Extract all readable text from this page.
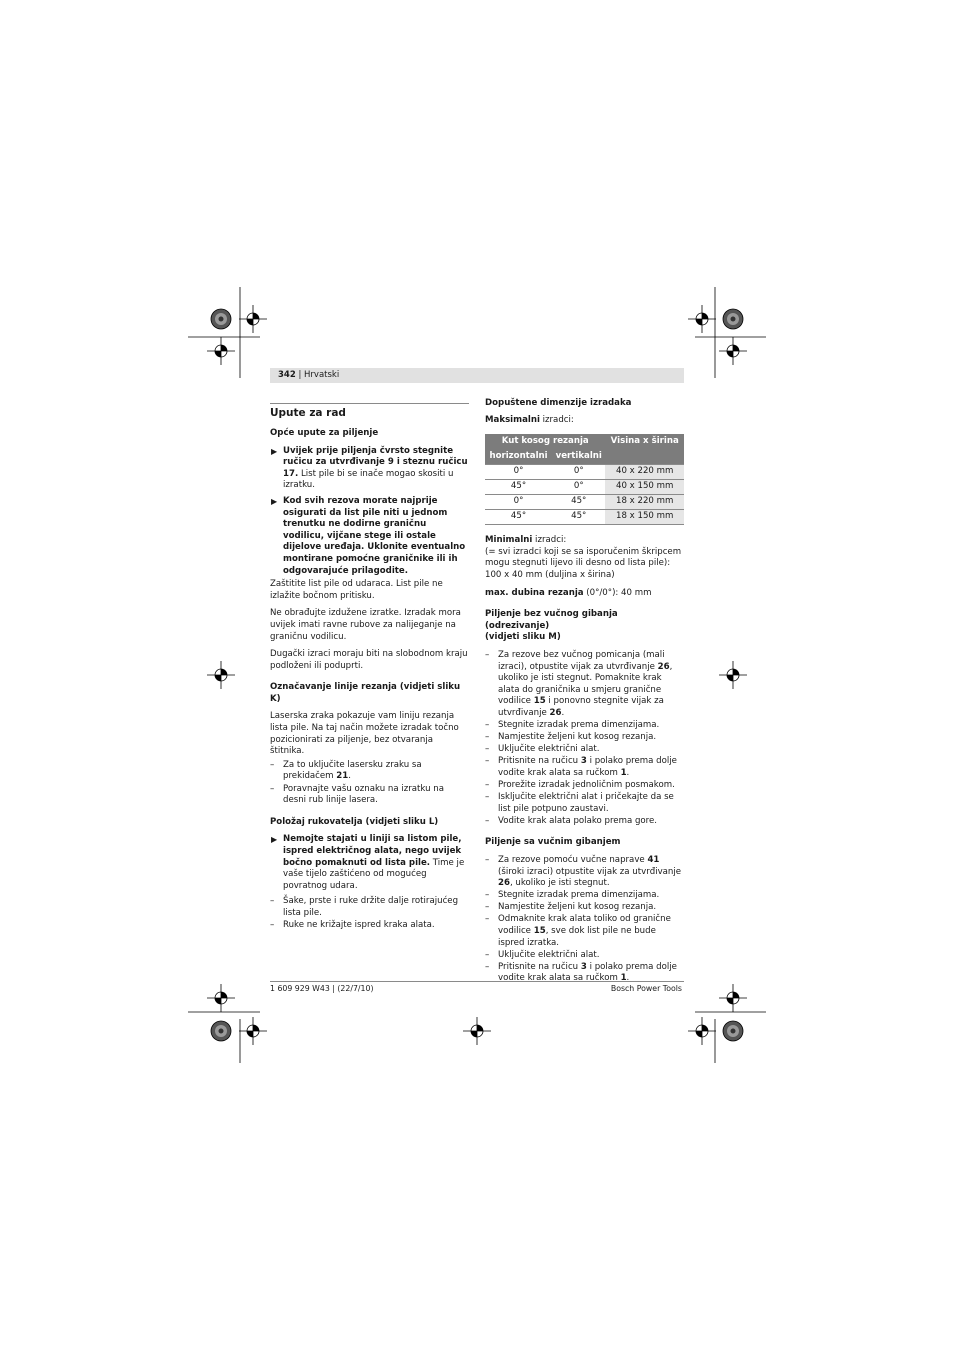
342 | Hrvatski
Upute za rad
Opće upute za piljenje
▶ Uvijek prije piljenja čvrsto stegnite ručicu za utvrđivanje 9 i steznu ručicu 17. List pile bi se inače mogao skositi u izratku.
▶ Kod svih rezova morate najprije osigurati da list pile niti u jednom trenutku ne dodirne graničnu vodilicu, vijčane stege ili ostale dijelove uređaja. Uklonite eventualno montirane pomoćne graničnike ili ih odgovarajuće prilagodite.
Zaštitite list pile od udaraca. List pile ne izlažite bočnom pritisku.
Ne obrađujte izdužene izratke. Izradak mora uvijek imati ravne rubove za nalijeganje na graničnu vodilicu.
Dugački izraci moraju biti na slobodnom kraju podloženi ili poduprti.
Označavanje linije rezanja (vidjeti sliku K)
Laserska zraka pokazuje vam liniju rezanja lista pile. Na taj način možete izradak točno pozicionirati za piljenje, bez otvaranja štitnika.
– Za to uključite lasersku zraku sa prekidačem 21.
– Poravnajte vašu oznaku na izratku na desni rub linije lasera.
Položaj rukovatelja (vidjeti sliku L)
▶ Nemojte stajati u liniji sa listom pile, ispred električnog alata, nego uvijek bočno pomaknuti od lista pile. Time je vaše tijelo zaštićeno od mogućeg povratnog udara.
– Šake, prste i ruke držite dalje rotirajućeg lista pile.
– Ruke ne križajte ispred kraka alata.
Dopuštene dimenzije izradaka
Maksimalni izradci:
Kut kosog rezanja		Visina x širina
horizontalni	vertikalni	
0°	0°	40 x 220 mm
45°	0°	40 x 150 mm
0°	45°	18 x 220 mm
45°	45°	18 x 150 mm
Minimalni izradci:
(= svi izradci koji se sa isporučenim škripcem mogu stegnuti lijevo ili desno od lista pile): 100 x 40 mm (duljina x širina)
max. dubina rezanja (0°/0°): 40 mm
Piljenje bez vučnog gibanja (odrezivanje)
(vidjeti sliku M)
– Za rezove bez vučnog pomicanja (mali izraci), otpustite vijak za utvrđivanje 26, ukoliko je isti stegnut. Pomaknite krak alata do graničnika u smjeru granične vodilice 15 i ponovno stegnite vijak za utvrđivanje 26.
– Stegnite izradak prema dimenzijama.
– Namjestite željeni kut kosog rezanja.
– Uključite električni alat.
– Pritisnite na ručicu 3 i polako prema dolje vodite krak alata sa ručkom 1.
– Prorežite izradak jednoličnim posmakom.
– Isključite električni alat i pričekajte da se list pile potpuno zaustavi.
– Vodite krak alata polako prema gore.
Piljenje sa vučnim gibanjem
– Za rezove pomoću vučne naprave 41 (široki izraci) otpustite vijak za utvrđivanje 26, ukoliko je isti stegnut.
– Stegnite izradak prema dimenzijama.
– Namjestite željeni kut kosog rezanja.
– Odmaknite krak alata toliko od granične vodilice 15, sve dok list pile ne bude ispred izratka.
– Uključite električni alat.
– Pritisnite na ručicu 3 i polako prema dolje vodite krak alata sa ručkom 1.
1 609 929 W43 | (22/7/10)	Bosch Power Tools
